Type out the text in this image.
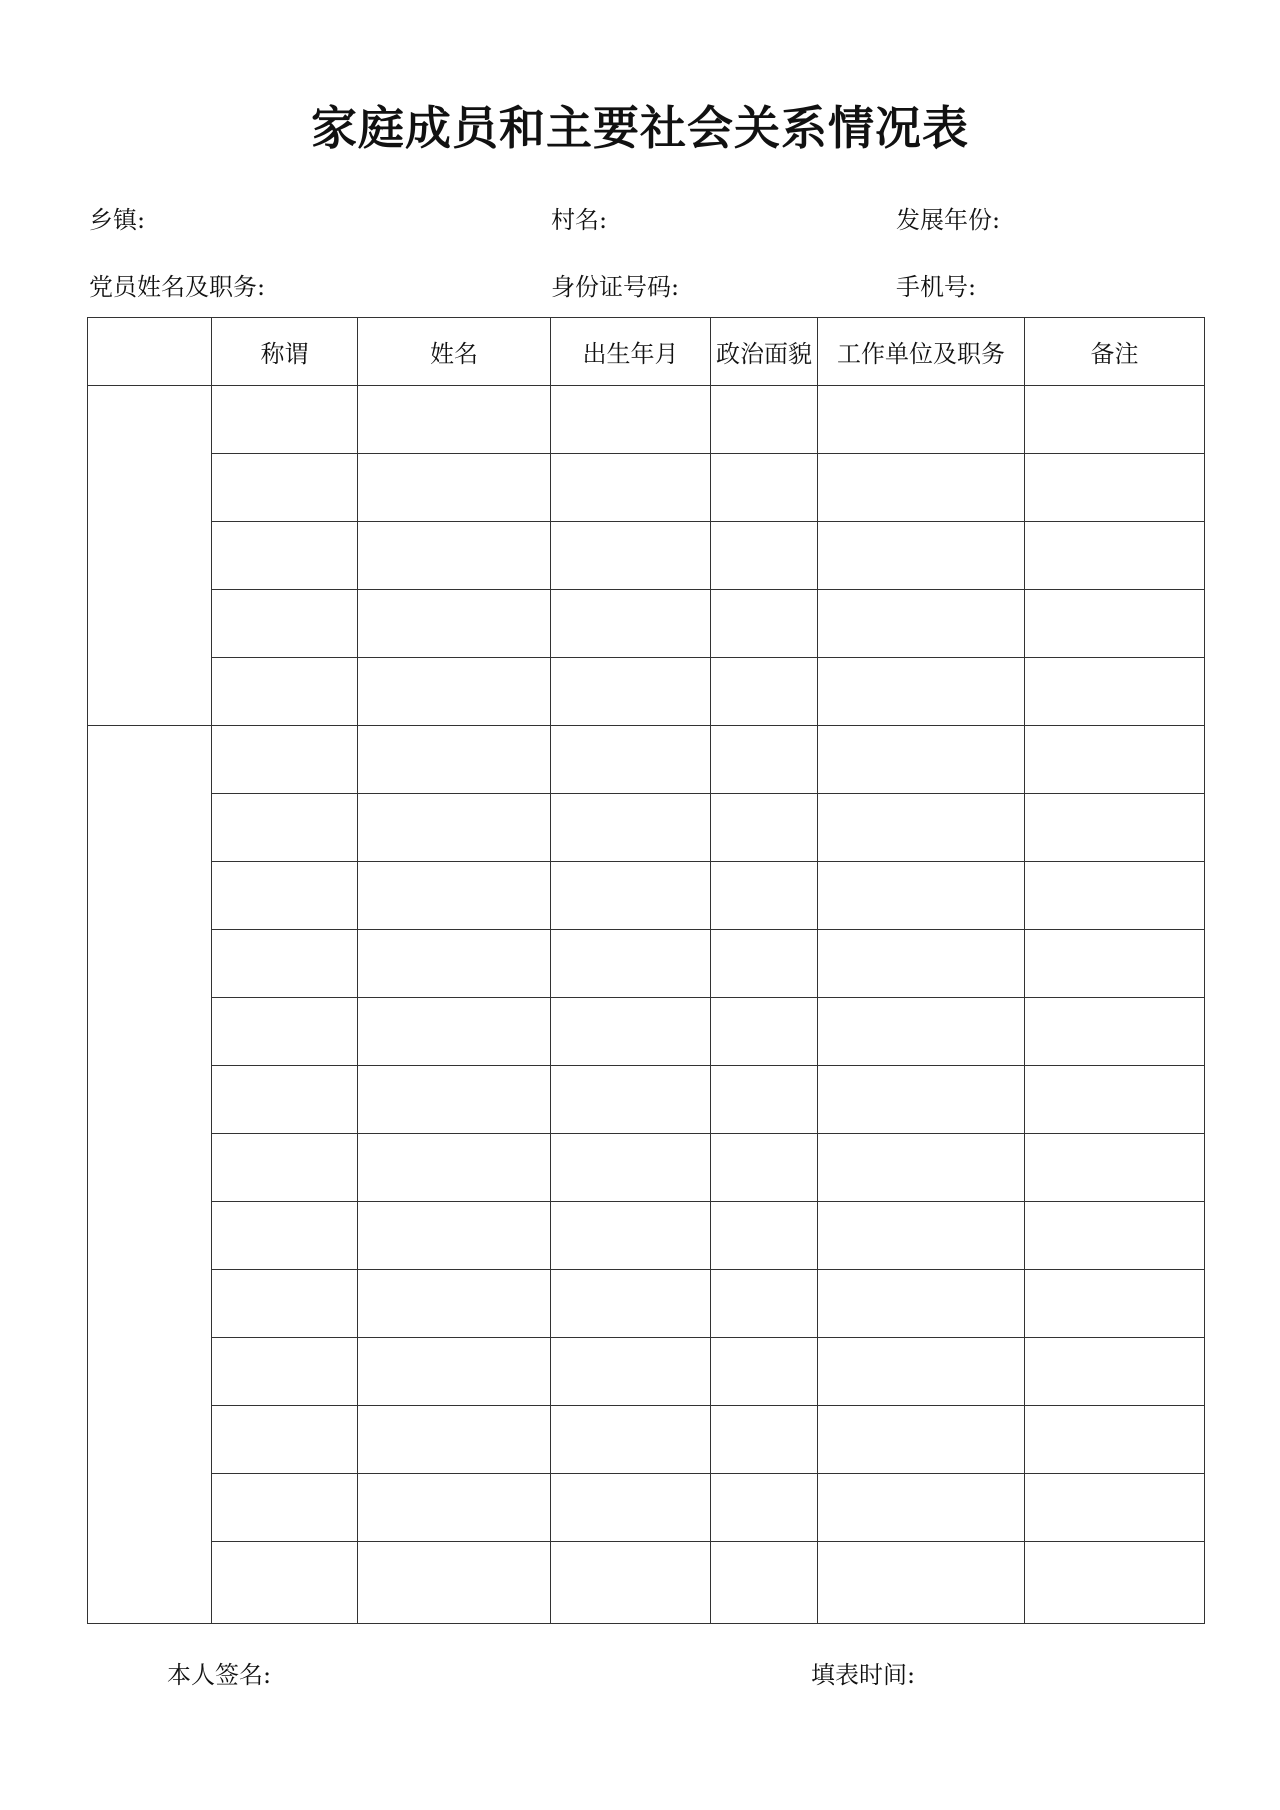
家庭成员和主要社会关系情况表
乡镇:	村名:	发展年份:
党员姓名及职务:	身份证号码:	手机号:
	称谓	姓名	出生年月	政治面貌	工作单位及职务	备注

本人签名:	填表时间:
